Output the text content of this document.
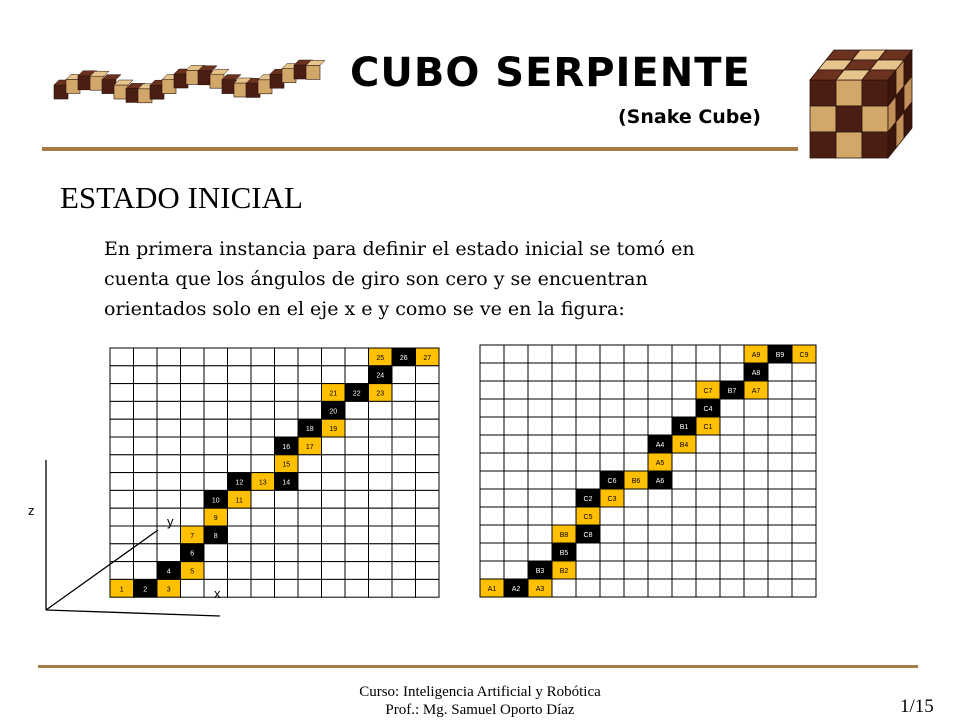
CUBO SERPIENTE
(Snake Cube)
ESTADO INICIAL
En primera instancia para definir el estado inicial se tomó en
cuenta que los ángulos de giro son cero y se encuentran
orientados solo en el eje x e y como se ve en la figura:
25 26 27
24
21 22 23
20
18 19
16 17
15
12 13 14
10 11
9
7	8
6
4	5
1	2	3
z
y
x
A9 B9 C9
A8
C7 B7 A7
C4
B1 C1
A4 B4
A5
C6 B6 A6
C2 C3
C5
B8 C8
B5
B3 B2
A1 A2 A3
Curso: Inteligencia Artificial y Robótica
Prof.: Mg. Samuel Oporto Díaz	1/15
